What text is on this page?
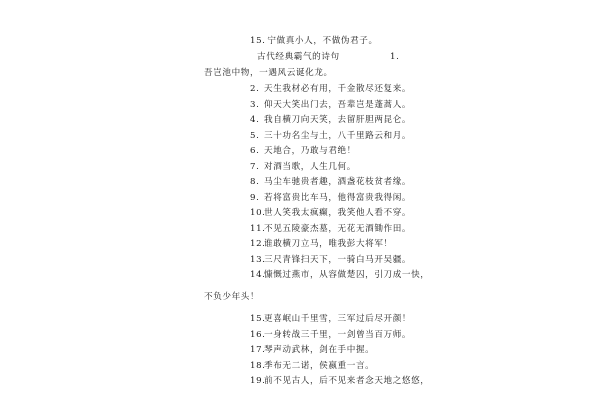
15. 宁做真小人，不做伪君子。
古代经典霸气的诗句	1.
吾岂池中物，一遇风云诞化龙。
2. 天生我材必有用，千金散尽还复来。
3. 仰天大笑出门去，吾辈岂是蓬蒿人。
4. 我自横刀向天笑，去留肝胆两昆仑。
5. 三十功名尘与土，八千里路云和月。
6. 天地合，乃敢与君绝！
7. 对酒当歌，人生几何。
8. 马尘车驰贵者趣，酒盏花枝贫者缘。
9. 若将富贵比车马，他得富贵我得闲。
10.世人笑我太疯癫，我笑他人看不穿。
11.不见五陵豪杰墓，无花无酒锄作田。
12.谁敢横刀立马，唯我彭大将军！
13.三尺青锋扫天下，一骑白马开吴疆。
14.慷慨过燕市，从容做楚囚，引刀成一快，
不负少年头！
15.更喜岷山千里雪，三军过后尽开颜！
16.一身转战三千里，一剑曾当百万师。
17.琴声动武林，剑在手中握。
18.季布无二诺，侯嬴重一言。
19.前不见古人，后不见来者念天地之悠悠，
